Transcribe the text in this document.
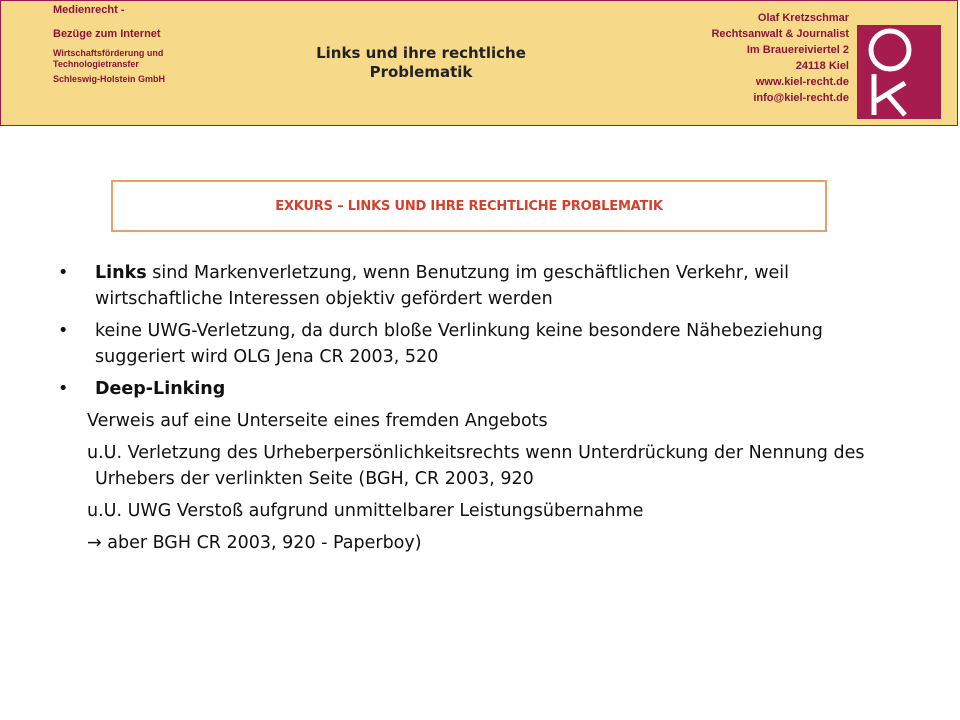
Medienrecht -
Bezüge zum Internet
Wirtschaftsförderung und Technologietransfer
Schleswig-Holstein GmbH
Links und ihre rechtliche
Problematik
Olaf Kretzschmar
Rechtsanwalt & Journalist
Im Brauereiviertel 2
24118 Kiel
www.kiel-recht.de
info@kiel-recht.de
EXKURS – LINKS UND IHRE RECHTLICHE PROBLEMATIK
• Links sind Markenverletzung, wenn Benutzung im geschäftlichen Verkehr, weil wirtschaftliche Interessen objektiv gefördert werden
• keine UWG-Verletzung, da durch bloße Verlinkung keine besondere Nähebeziehung suggeriert wird OLG Jena CR 2003, 520
• Deep-Linking
Verweis auf eine Unterseite eines fremden Angebots
u.U. Verletzung des Urheberpersönlichkeitsrechts wenn Unterdrückung der Nennung des Urhebers der verlinkten Seite (BGH, CR 2003, 920
u.U. UWG Verstoß aufgrund unmittelbarer Leistungsübernahme
→ aber BGH CR 2003, 920 - Paperboy)
